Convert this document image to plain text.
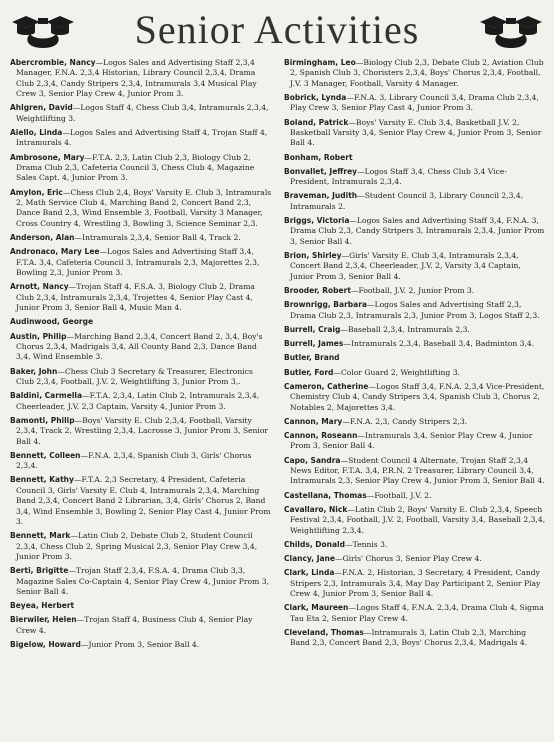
Senior Activities

Abercrombie, Nancy—Logos Sales and Advertising Staff 2,3,4 Manager, F.N.A. 2,3,4 Historian, Library Council 2,3,4, Drama Club 2,3,4, Candy Stripers 2,3,4, Intramurals 3,4 Musical Play Crew 3, Senior Play Crew 4, Junior Prom 3.

Ahlgren, David—Logos Staff 4, Chess Club 3,4, Intramurals 2,3,4, Weightlifting 3.

Aiello, Linda—Logos Sales and Advertising Staff 4, Trojan Staff 4, Intramurals 4.

Ambrosone, Mary—F.T.A. 2,3, Latin Club 2,3, Biology Club 2, Drama Club 2,3, Cafeteria Council 3, Chess Club 4, Magazine Sales Capt. 4, Junior Prom 3.

Amylon, Eric—Chess Club 2,4, Boys' Varsity E. Club 3, Intramurals 2, Math Service Club 4, Marching Band 2, Concert Band 2,3, Dance Band 2,3, Wind Ensemble 3, Football, Varsity 3 Manager, Cross Country 4, Wrestling 3, Bowling 3, Science Seminar 2,3.

Anderson, Alan—Intramurals 2,3,4, Senior Ball 4, Track 2.

Andronaco, Mary Lee—Logos Sales and Advertising Staff 3,4, F.T.A. 3,4, Cafeteria Council 3, Intramurals 2,3, Majorettes 2,3, Bowling 2,3, Junior Prom 3.

Arnott, Nancy—Trojan Staff 4, F.S.A. 3, Biology Club 2, Drama Club 2,3,4, Intramurals 2,3,4, Trojettes 4, Senior Play Cast 4, Junior Prom 3, Senior Ball 4, Music Man 4.

Audinwood, George

Austin, Philip—Marching Band 2,3,4, Concert Band 2, 3,4, Boy's Chorus 2,3,4, Madrigals 3,4, All County Band 2,3, Dance Band 3,4, Wind Ensemble 3.

Baker, John—Chess Club 3 Secretary & Treasurer, Electronics Club 2,3,4, Football, J.V. 2, Weightlifting 3, Junior Prom 3,.

Baldini, Carmella—F.T.A. 2,3,4, Latin Club 2, Intramurals 2,3,4, Cheerleader, J.V. 2,3 Captain, Varsity 4, Junior Prom 3.

Bamonti, Philip—Boys' Varsity E. Club 2,3,4, Football, Varsity 2,3,4, Track 2, Wrestling 2,3,4, Lacrosse 3, Junior Prom 3, Senior Ball 4.

Bennett, Colleen—F.N.A. 2,3,4, Spanish Club 3, Girls' Chorus 2,3,4.

Bennett, Kathy—F.T.A. 2,3 Secretary, 4 President, Cafeteria Council 3, Girls' Varsity E. Club 4, Intramurals 2,3,4, Marching Band 2,3,4, Concert Band 2 Librarian, 3,4, Girls' Chorus 2, Band 3,4, Wind Ensemble 3, Bowling 2, Senior Play Cast 4, Junior Prom 3.

Bennett, Mark—Latin Club 2, Debate Club 2, Student Council 2,3,4, Chess Club 2, Spring Musical 2,3, Senior Play Crew 3,4, Junior Prom 3.

Berti, Brigitte—Trojan Staff 2,3,4, F.S.A. 4, Drama Club 3,3, Magazine Sales Co-Captain 4, Senior Play Crew 4, Junior Prom 3, Senior Ball 4.

Beyea, Herbert

Bierwiler, Helen—Trojan Staff 4, Business Club 4, Senior Play Crew 4.

Bigelow, Howard—Junior Prom 3, Senior Ball 4.

Birmingham, Leo—Biology Club 2,3, Debate Club 2, Aviation Club 2, Spanish Club 3, Choristers 2,3,4, Boys' Chorus 2,3,4, Football, J.V. 3 Manager, Football, Varsity 4 Manager.

Bobrick, Lynda—F.N.A. 3, Library Council 3,4, Drama Club 2,3,4, Play Crew 3, Senior Play Cast 4, Junior Prom 3.

Boland, Patrick—Boys' Varsity E. Club 3,4, Basketball J.V. 2, Basketball Varsity 3,4, Senior Play Crew 4, Junior Prom 3, Senior Ball 4.

Bonham, Robert

Bonvallet, Jeffrey—Logos Staff 3,4, Chess Club 3,4 Vice-President, Intramurals 2,3,4.

Braveman, Judith—Student Council 3, Library Council 2,3,4, Intramurals 2.

Briggs, Victoria—Logos Sales and Advertising Staff 3,4, F.N.A. 3, Drama Club 2,3, Candy Stripers 3, Intramurals 2,3,4, Junior Prom 3, Senior Ball 4.

Brion, Shirley—Girls' Varsity E. Club 3,4, Intramurals 2,3,4, Concert Band 2,3,4, Cheerleader, J.V. 2, Varsity 3,4 Captain, Junior Prom 3, Senior Ball 4.

Brooder, Robert—Football, J.V. 2, Junior Prom 3.

Brownrigg, Barbara—Logos Sales and Advertising Staff 2,3, Drama Club 2,3, Intramurals 2,3, Junior Prom 3, Logos Staff 2,3.

Burrell, Craig—Baseball 2,3,4, Intramurals 2,3.

Burrell, James—Intramurals 2,3,4, Baseball 3,4, Badminton 3,4.

Butler, Brand

Butler, Ford—Color Guard 2, Weightlifting 3.

Cameron, Catherine—Logos Staff 3,4, F.N.A. 2,3,4 Vice-President, Chemistry Club 4, Candy Stripers 3,4, Spanish Club 3, Chorus 2, Notables 2, Majorettes 3,4.

Cannon, Mary—F.N.A. 2,3, Candy Stripers 2,3.

Cannon, Roseann—Intramurals 3,4, Senior Play Crew 4, Junior Prom 3, Senior Ball 4.

Capo, Sandra—Student Council 4 Alternate, Trojan Staff 2,3,4 News Editor, F.T.A. 3,4, P.R.N. 2 Treasurer, Library Council 3,4, Intramurals 2,3, Senior Play Crew 4, Junior Prom 3, Senior Ball 4.

Castellana, Thomas—Football, J.V. 2.

Cavallaro, Nick—Latin Club 2, Boys' Varsity E. Club 2,3,4, Speech Festival 2,3,4, Football, J.V. 2, Football, Varsity 3,4, Baseball 2,3,4, Weightlifting 2,3,4.

Childs, Donald—Tennis 3.

Clancy, Jane—Girls' Chorus 3, Senior Play Crew 4.

Clark, Linda—F.N.A. 2, Historian, 3 Secretary, 4 President, Candy Stripers 2,3, Intramurals 3,4, May Day Participant 2, Senior Play Crew 4, Junior Prom 3, Senior Ball 4.

Clark, Maureen—Logos Staff 4, F.N.A. 2,3,4, Drama Club 4, Sigma Tau Eta 2, Senior Play Crew 4.

Cleveland, Thomas—Intramurals 3, Latin Club 2,3, Marching Band 2,3, Concert Band 2,3, Boys' Chorus 2,3,4, Madrigals 4.
